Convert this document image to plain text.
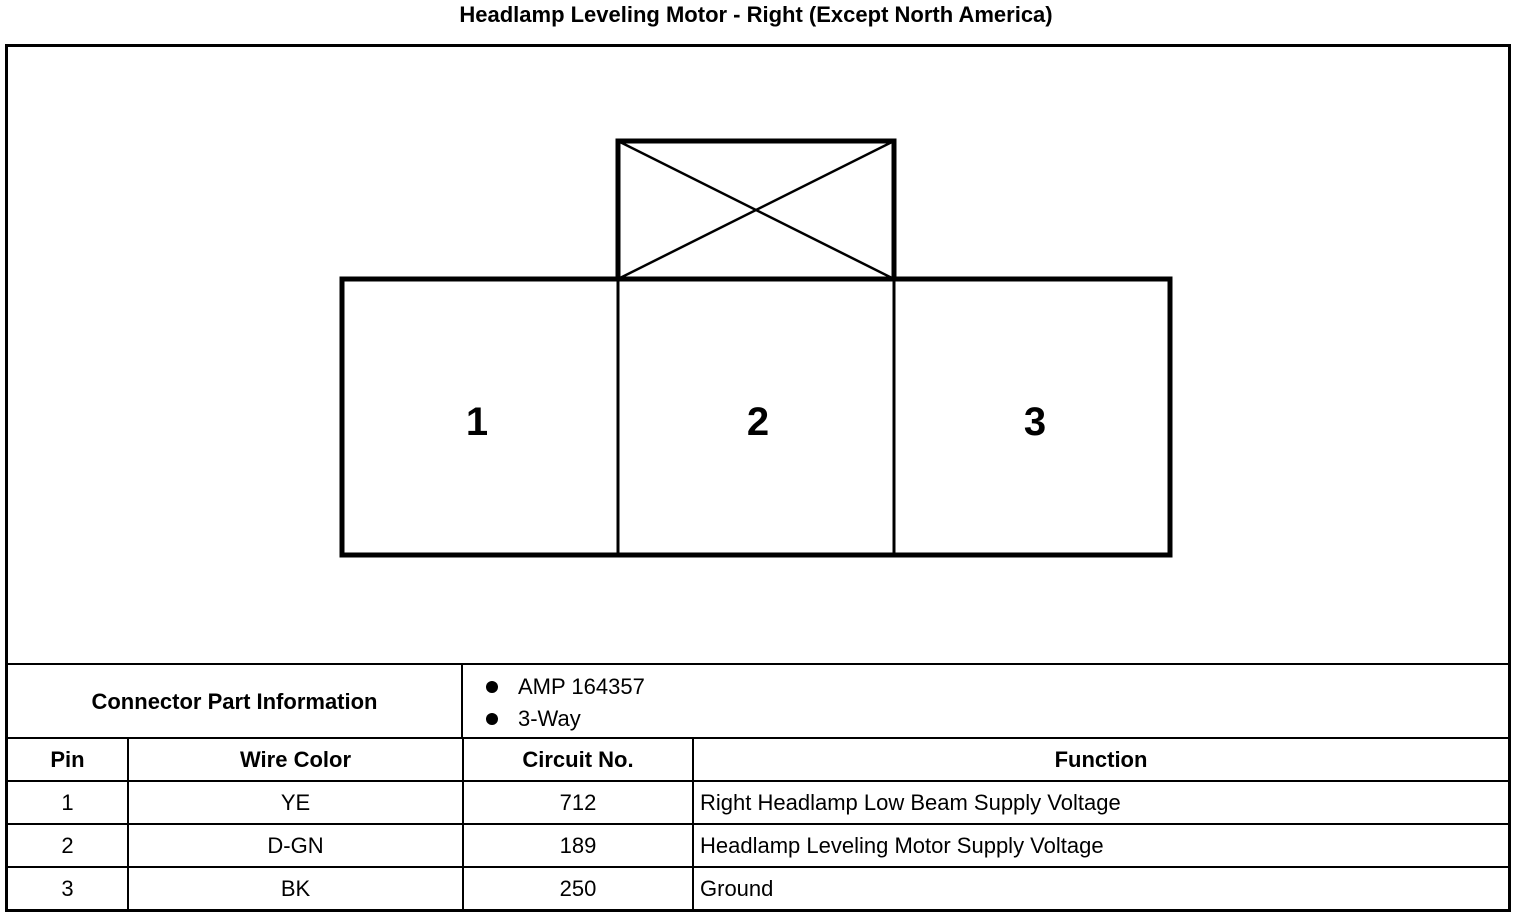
Headlamp Leveling Motor - Right (Except North America)
1	2	3
Connector Part Information
AMP 164357
3-Way
Pin	Wire Color	Circuit No.	Function
1	YE	712	Right Headlamp Low Beam Supply Voltage
2	D-GN	189	Headlamp Leveling Motor Supply Voltage
3	BK	250	Ground
